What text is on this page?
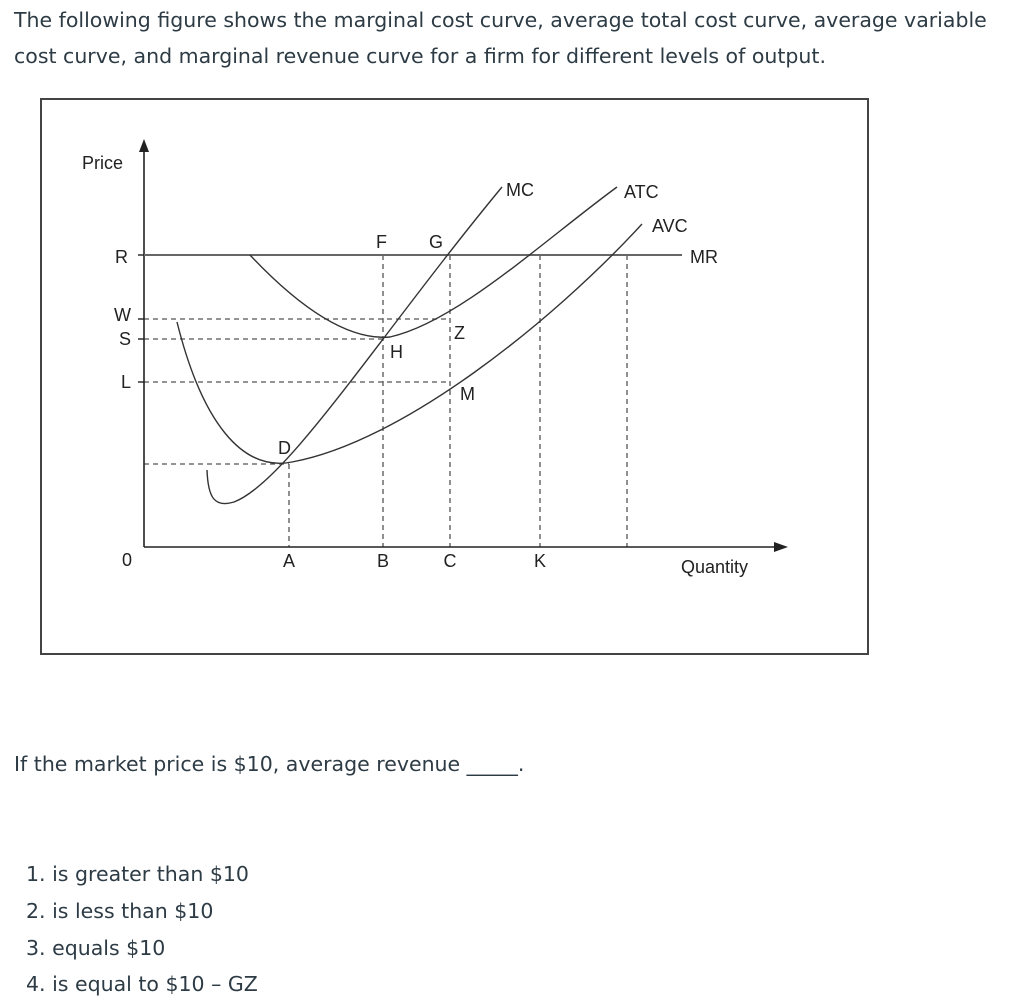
The following figure shows the marginal cost curve, average total cost curve, average variable cost curve, and marginal revenue curve for a firm for different levels of output.

R
W
S
L
0	A	B	C	K
Price
Quantity
MC	ATC
AVC
MR
F G
H
Z
M
D

If the market price is $10, average revenue _____.

1. is greater than $10
2. is less than $10
3. equals $10
4. is equal to $10 – GZ
